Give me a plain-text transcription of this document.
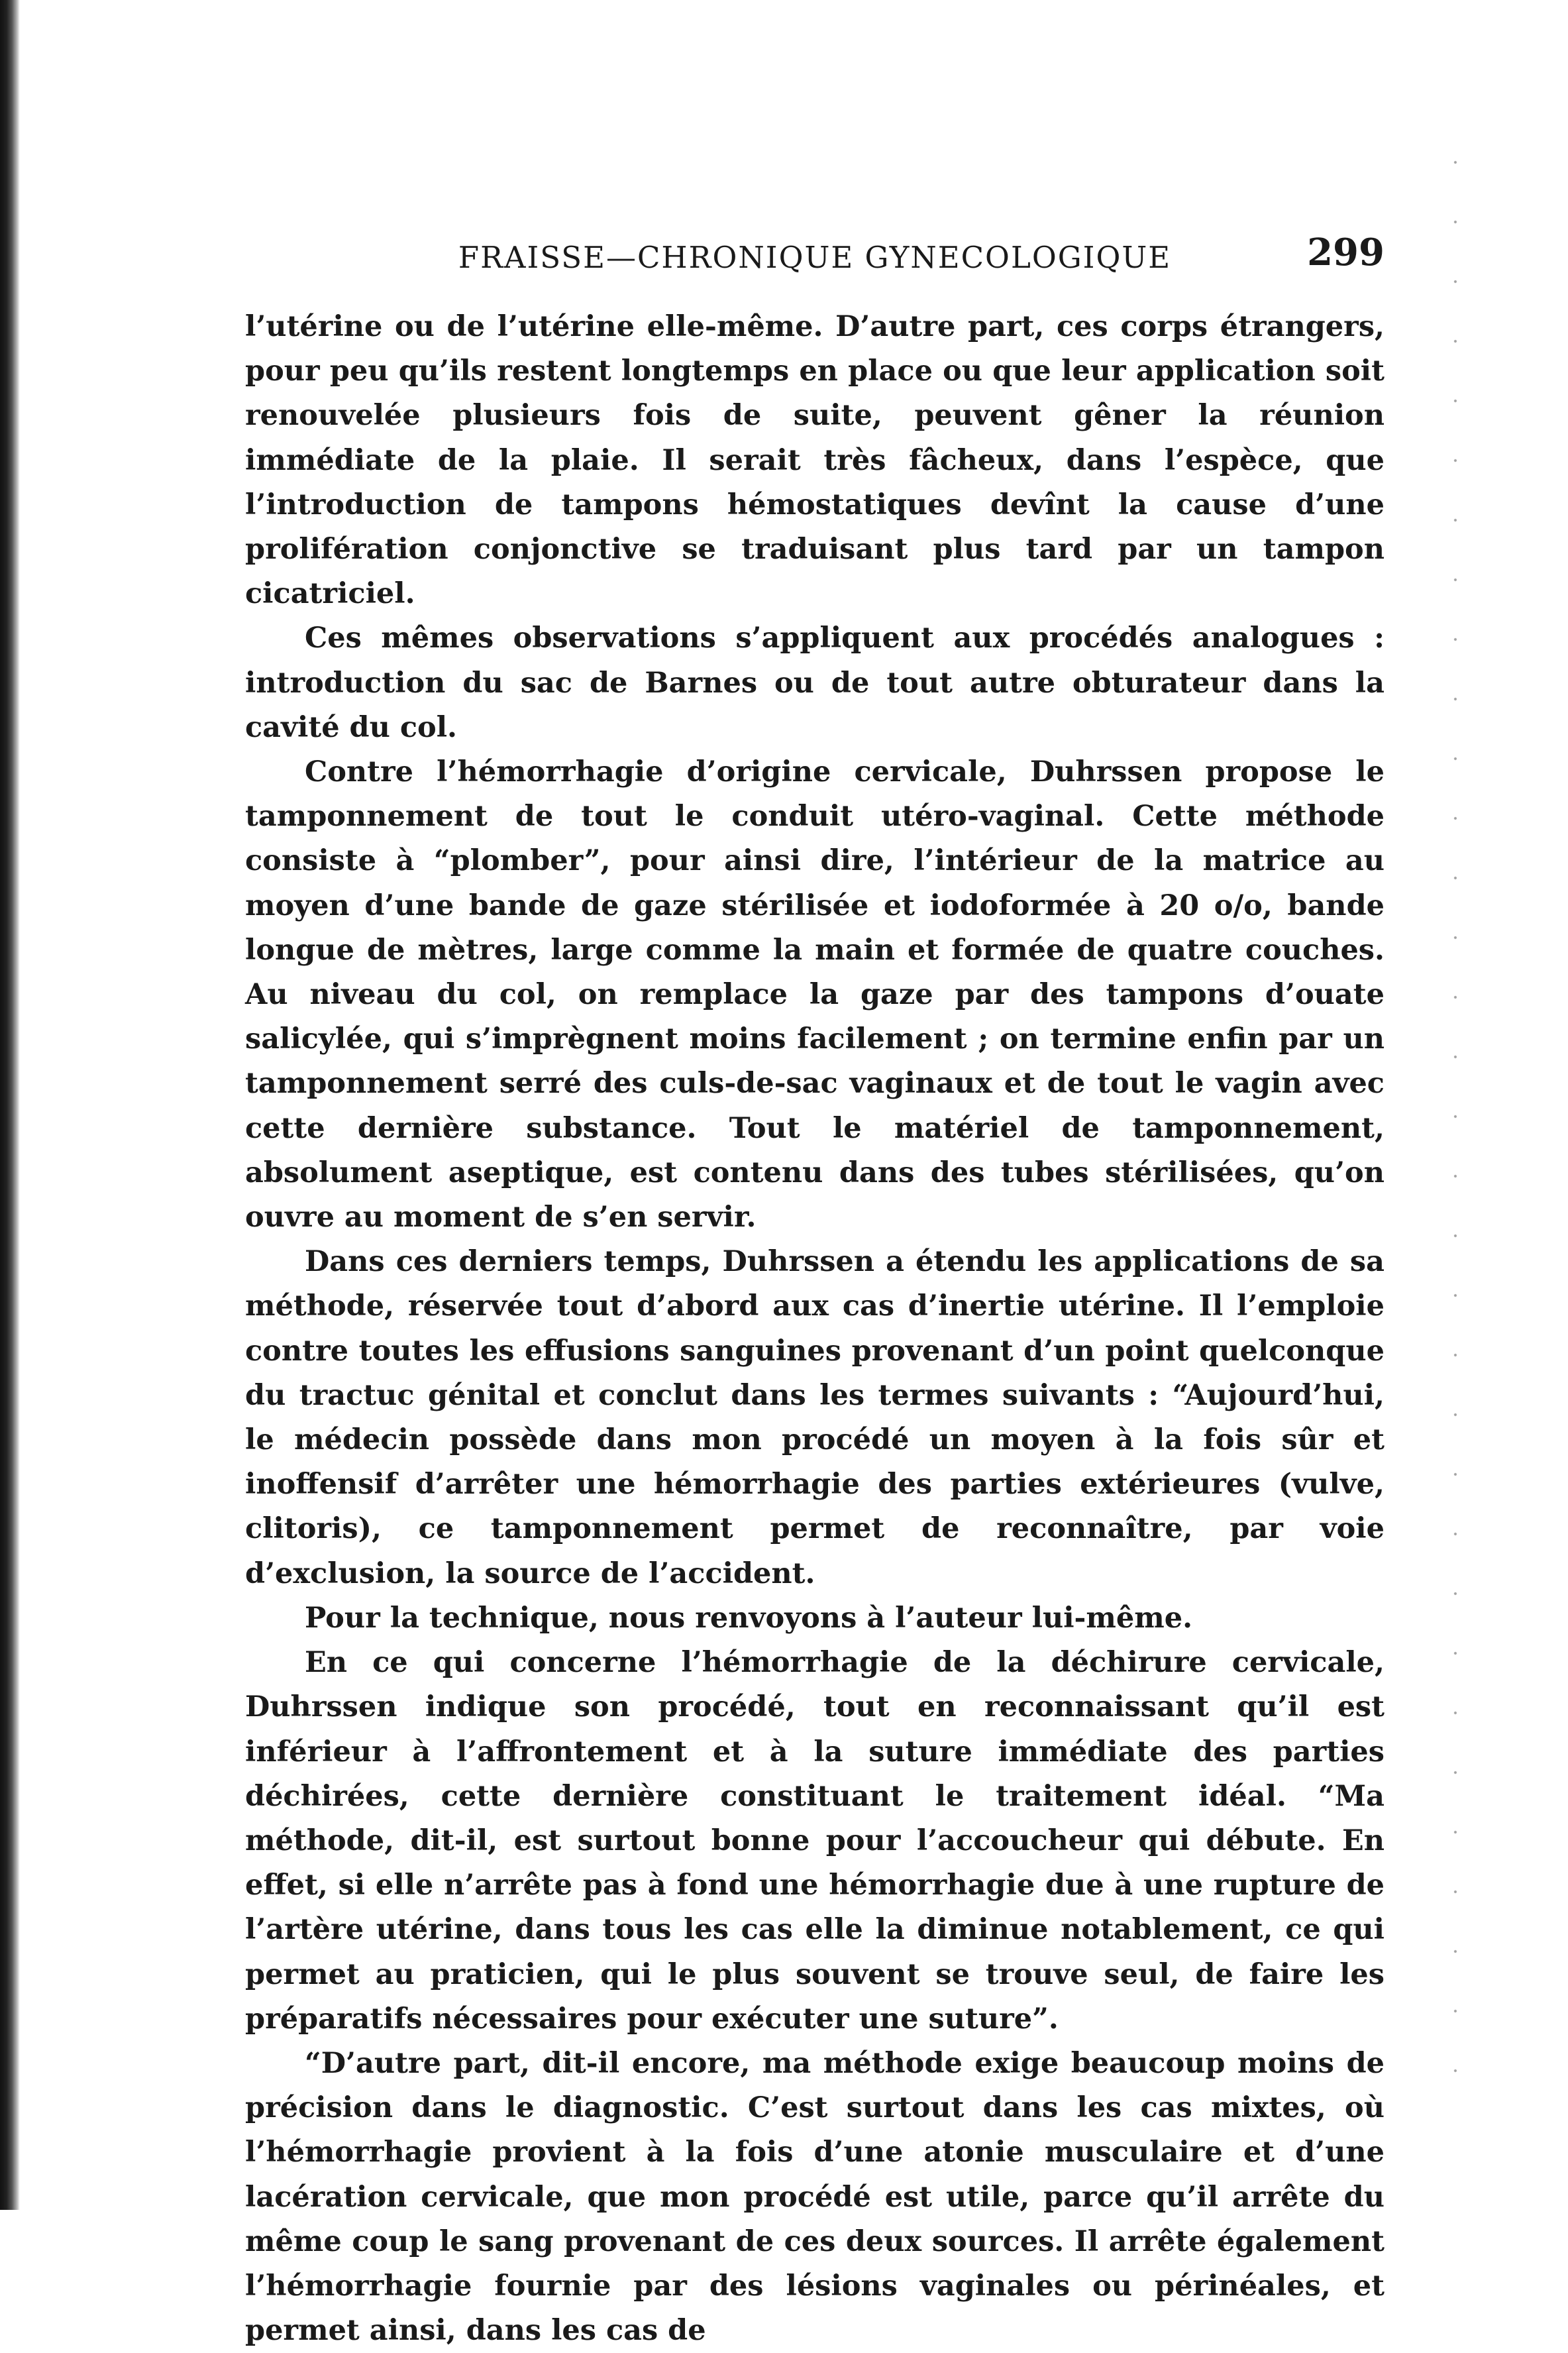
FRAISSE—CHRONIQUE GYNECOLOGIQUE	299

l’utérine ou de l’utérine elle-même. D’autre part, ces corps étrangers, pour peu qu’ils restent longtemps en place ou que leur application soit renouvelée plusieurs fois de suite, peuvent gêner la réunion immédiate de la plaie. Il serait très fâcheux, dans l’espèce, que l’introduction de tampons hémostatiques devînt la cause d’une prolifération conjonctive se traduisant plus tard par un tampon cicatriciel.

Ces mêmes observations s’appliquent aux procédés analogues : introduction du sac de Barnes ou de tout autre obturateur dans la cavité du col.

Contre l’hémorrhagie d’origine cervicale, Duhrssen propose le tamponnement de tout le conduit utéro-vaginal. Cette méthode consiste à “plomber”, pour ainsi dire, l’intérieur de la matrice au moyen d’une bande de gaze stérilisée et iodoformée à 20 o/o, bande longue de mètres, large comme la main et formée de quatre couches. Au niveau du col, on remplace la gaze par des tampons d’ouate salicylée, qui s’imprègnent moins facilement ; on termine enfin par un tamponnement serré des culs-de-sac vaginaux et de tout le vagin avec cette dernière substance. Tout le matériel de tamponnement, absolument aseptique, est contenu dans des tubes stérilisées, qu’on ouvre au moment de s’en servir.

Dans ces derniers temps, Duhrssen a étendu les applications de sa méthode, réservée tout d’abord aux cas d’inertie utérine. Il l’emploie contre toutes les effusions sanguines provenant d’un point quelconque du tractuc génital et conclut dans les termes suivants : “Aujourd’hui, le médecin possède dans mon procédé un moyen à la fois sûr et inoffensif d’arrêter une hémorrhagie des parties extérieures (vulve, clitoris), ce tamponnement permet de reconnaître, par voie d’exclusion, la source de l’accident.

Pour la technique, nous renvoyons à l’auteur lui-même.

En ce qui concerne l’hémorrhagie de la déchirure cervicale, Duhrssen indique son procédé, tout en reconnaissant qu’il est inférieur à l’affrontement et à la suture immédiate des parties déchirées, cette dernière constituant le traitement idéal. “Ma méthode, dit-il, est surtout bonne pour l’accoucheur qui débute. En effet, si elle n’arrête pas à fond une hémorrhagie due à une rupture de l’artère utérine, dans tous les cas elle la diminue notablement, ce qui permet au praticien, qui le plus souvent se trouve seul, de faire les préparatifs nécessaires pour exécuter une suture”.

“D’autre part, dit-il encore, ma méthode exige beaucoup moins de précision dans le diagnostic. C’est surtout dans les cas mixtes, où l’hémorrhagie provient à la fois d’une atonie musculaire et d’une lacération cervicale, que mon procédé est utile, parce qu’il arrête du même coup le sang provenant de ces deux sources. Il arrête également l’hémorrhagie fournie par des lésions vaginales ou périnéales, et permet ainsi, dans les cas de
